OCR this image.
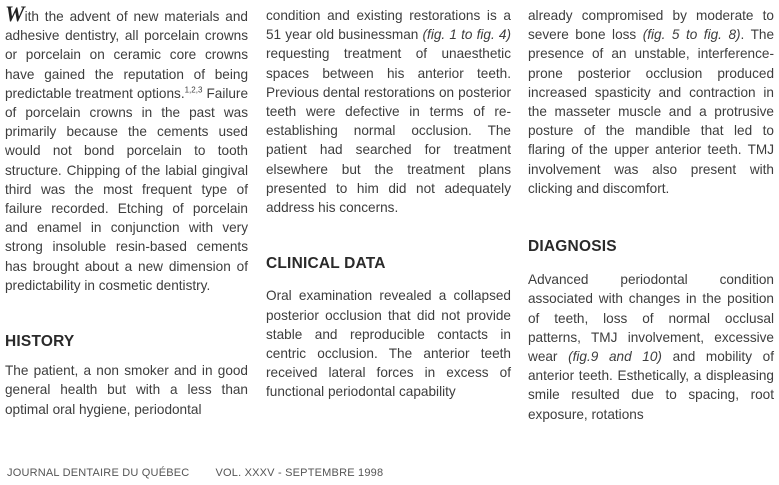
With the advent of new materials and adhesive dentistry, all porcelain crowns or porcelain on ceramic core crowns have gained the reputation of being predictable treatment options.$^{1,2,3}$ Failure of porcelain crowns in the past was primarily because the cements used would not bond porcelain to tooth structure. Chipping of the labial gingival third was the most frequent type of failure recorded. Etching of porcelain and enamel in conjunction with very strong insoluble resin-based cements has brought about a new dimension of predictability in cosmetic dentistry.

HISTORY

The patient, a non smoker and in good general health but with a less than optimal oral hygiene, periodontal

condition and existing restorations is a 51 year old businessman (fig. 1 to fig. 4) requesting treatment of unaesthetic spaces between his anterior teeth. Previous dental restorations on posterior teeth were defective in terms of re-establishing normal occlusion. The patient had searched for treatment elsewhere but the treatment plans presented to him did not adequately address his concerns.

CLINICAL DATA

Oral examination revealed a collapsed posterior occlusion that did not provide stable and reproducible contacts in centric occlusion. The anterior teeth received lateral forces in excess of functional periodontal capability

already compromised by moderate to severe bone loss (fig. 5 to fig. 8). The presence of an unstable, interference-prone posterior occlusion produced increased spasticity and contraction in the masseter muscle and a protrusive posture of the mandible that led to flaring of the upper anterior teeth. TMJ involvement was also present with clicking and discomfort.

DIAGNOSIS

Advanced periodontal condition associated with changes in the position of teeth, loss of normal occlusal patterns, TMJ involvement, excessive wear (fig.9 and 10) and mobility of anterior teeth. Esthetically, a displeasing smile resulted due to spacing, root exposure, rotations

JOURNAL DENTAIRE DU QUÉBEC VOL. XXXV - SEPTEMBRE 1998
